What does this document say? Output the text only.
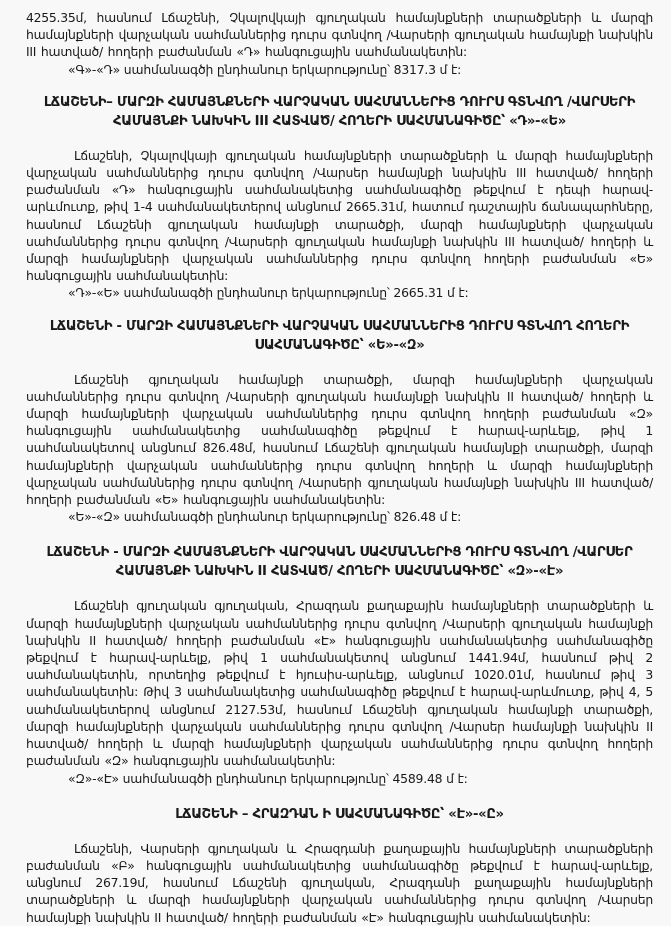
4255.35մ, հասնում Լճաշենի, Չկալովկայի գյուղական համայնքների տարածքների և մարզի համայնքների վարչական սահմաններից դուրս գտնվող /Վարսերի գյուղական համայնքի նախկին III հատված/ հողերի բաժանման «Դ» հանգուցային սահմանակետին:

«Գ»-«Դ» սահմանագծի ընդհանուր երկարությունը՝ 8317.3 մ է:

ԼՃԱՇԵՆԻ– ՄԱՐԶԻ ՀԱՄԱՅՆՔՆԵՐԻ ՎԱՐՉԱԿԱՆ ՍԱՀՄԱՆՆԵՐԻՑ ԴՈՒՐՍ ԳՏՆՎՈՂ /ՎԱՐՍԵՐԻ ՀԱՄԱՅՆՔԻ ՆԱԽԿԻՆ III ՀԱՏՎԱԾ/ ՀՈՂԵՐԻ ՍԱՀՄԱՆԱԳԻԾԸ՝ «Դ»-«Ե»

Լճաշենի, Չկալովկայի գյուղական համայնքների տարածքների և մարզի համայնքների վարչական սահմաններից դուրս գտնվող /Վարսեր համայնքի նախկին III հատված/ հողերի բաժանման «Դ» հանգուցային սահմանակետից սահմանագիծը թեքվում է դեպի հարավ-արևմուտք, թիվ 1-4 սահմանակետերով անցնում 2665.31մ, հատում դաշտային ճանապարհները, հասնում Լճաշենի գյուղական համայնքի տարածքի, մարզի համայնքների վարչական սահմաններից դուրս գտնվող /Վարսերի գյուղական համայնքի նախկին III հատված/ հողերի և մարզի համայնքների վարչական սահմաններից դուրս գտնվող հողերի բաժանման «Ե» հանգուցային սահմանակետին:

«Դ»-«Ե» սահմանագծի ընդհանուր երկարությունը՝ 2665.31 մ է:

ԼՃԱՇԵՆԻ - ՄԱՐԶԻ ՀԱՄԱՅՆՔՆԵՐԻ ՎԱՐՉԱԿԱՆ ՍԱՀՄԱՆՆԵՐԻՑ ԴՈՒՐՍ ԳՏՆՎՈՂ ՀՈՂԵՐԻ ՍԱՀՄԱՆԱԳԻԾԸ՝ «Ե»-«Զ»

Լճաշենի գյուղական համայնքի տարածքի, մարզի համայնքների վարչական սահմաններից դուրս գտնվող /Վարսերի գյուղական համայնքի նախկին II հատված/ հողերի և մարզի համայնքների վարչական սահմաններից դուրս գտնվող հողերի բաժանման «Զ» հանգուցային սահմանակետից սահմանագիծը թեքվում է հարավ-արևելք, թիվ 1 սահմանակետով անցնում 826.48մ, հասնում Լճաշենի գյուղական համայնքի տարածքի, մարզի համայնքների վարչական սահմաններից դուրս գտնվող հողերի և մարզի համայնքների վարչական սահմաններից դուրս գտնվող /Վարսերի գյուղական համայնքի նախկին III հատված/ հողերի բաժանման «Ե» հանգուցային սահմանակետին:

«Ե»-«Զ» սահմանագծի ընդհանուր երկարությունը՝ 826.48 մ է:

ԼՃԱՇԵՆԻ - ՄԱՐԶԻ ՀԱՄԱՅՆՔՆԵՐԻ ՎԱՐՉԱԿԱՆ ՍԱՀՄԱՆՆԵՐԻՑ ԴՈՒՐՍ ԳՏՆՎՈՂ /ՎԱՐՍԵՐ ՀԱՄԱՅՆՔԻ ՆԱԽԿԻՆ II ՀԱՏՎԱԾ/ ՀՈՂԵՐԻ ՍԱՀՄԱՆԱԳԻԾԸ՝ «Զ»-«Է»

Լճաշենի գյուղական գյուղական, Հրազդան քաղաքային համայնքների տարածքների և մարզի համայնքների վարչական սահմաններից դուրս գտնվող /Վարսերի գյուղական համայնքի նախկին II հատված/ հողերի բաժանման «Է» հանգուցային սահմանակետից սահմանագիծը թեքվում է հարավ-արևելք, թիվ 1 սահմանակետով անցնում 1441.94մ, հասնում թիվ 2 սահմանակետին, որտեղից թեքվում է հյուսիս-արևելք, անցնում 1020.01մ, հասնում թիվ 3 սահմանակետին: Թիվ 3 սահմանակետից սահմանագիծը թեքվում է հարավ-արևմուտք, թիվ 4, 5 սահմանակետերով անցնում 2127.53մ, հասնում Լճաշենի գյուղական համայնքի տարածքի, մարզի համայնքների վարչական սահմաններից դուրս գտնվող /Վարսեր համայնքի նախկին II հատված/ հողերի և մարզի համայնքների վարչական սահմաններից դուրս գտնվող հողերի բաժանման «Զ» հանգուցային սահմանակետին:

«Զ»-«Է» սահմանագծի ընդհանուր երկարությունը՝ 4589.48 մ է:

ԼՃԱՇԵՆԻ – ՀՐԱԶԴԱՆ Ի ՍԱՀՄԱՆԱԳԻԾԸ՝ «Է»-«Ը»

Լճաշենի, Վարսերի գյուղական և Հրազդանի քաղաքային համայնքների տարածքների բաժանման «Բ» հանգուցային սահմանակետից սահմանագիծը թեքվում է հարավ-արևելք, անցնում 267.19մ, հասնում Լճաշենի գյուղական, Հրազդանի քաղաքային համայնքների տարածքների և մարզի համայնքների վարչական սահմաններից դուրս գտնվող /Վարսեր համայնքի նախկին II հատված/ հողերի բաժանման «Է» հանգուցային սահմանակետին:
